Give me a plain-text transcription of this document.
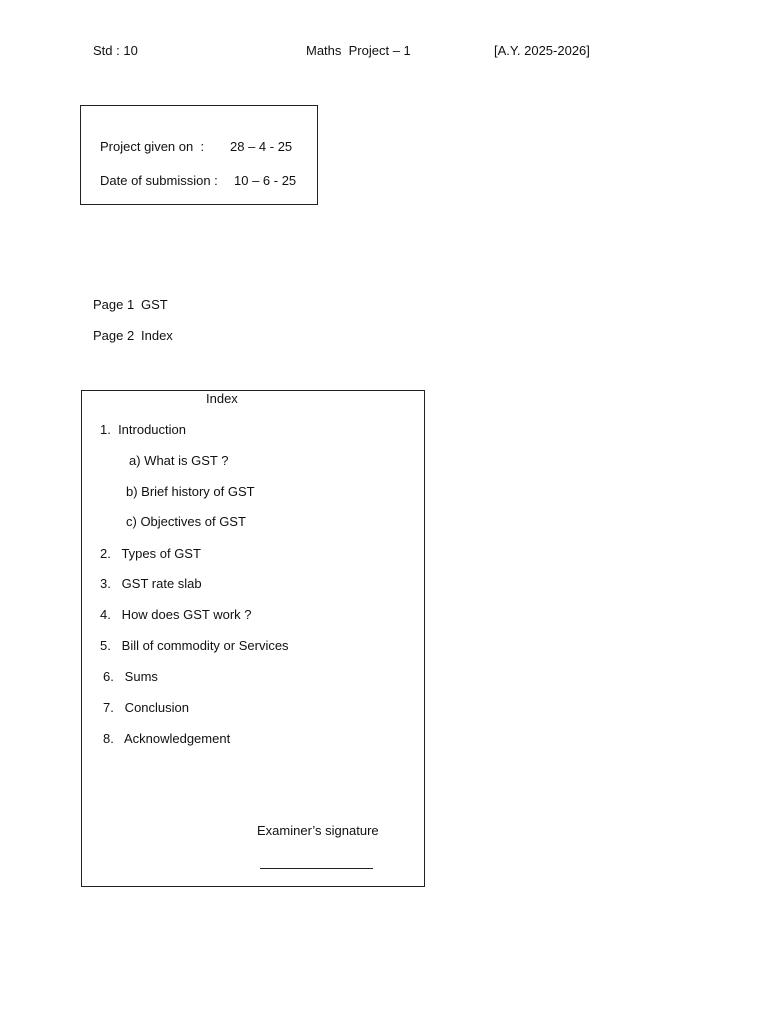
Std : 10	Maths  Project – 1	[A.Y. 2025-2026]
Project given on  : 28 – 4 - 25
Date of submission : 10 – 6 - 25
Page 1 GST
Page 2 Index
Index
1.  Introduction
a) What is GST ?
b) Brief history of GST
c) Objectives of GST
2.   Types of GST
3.   GST rate slab
4.   How does GST work ?
5.   Bill of commodity or Services
6.   Sums
7.   Conclusion
8.   Acknowledgement
Examiner’s signature
